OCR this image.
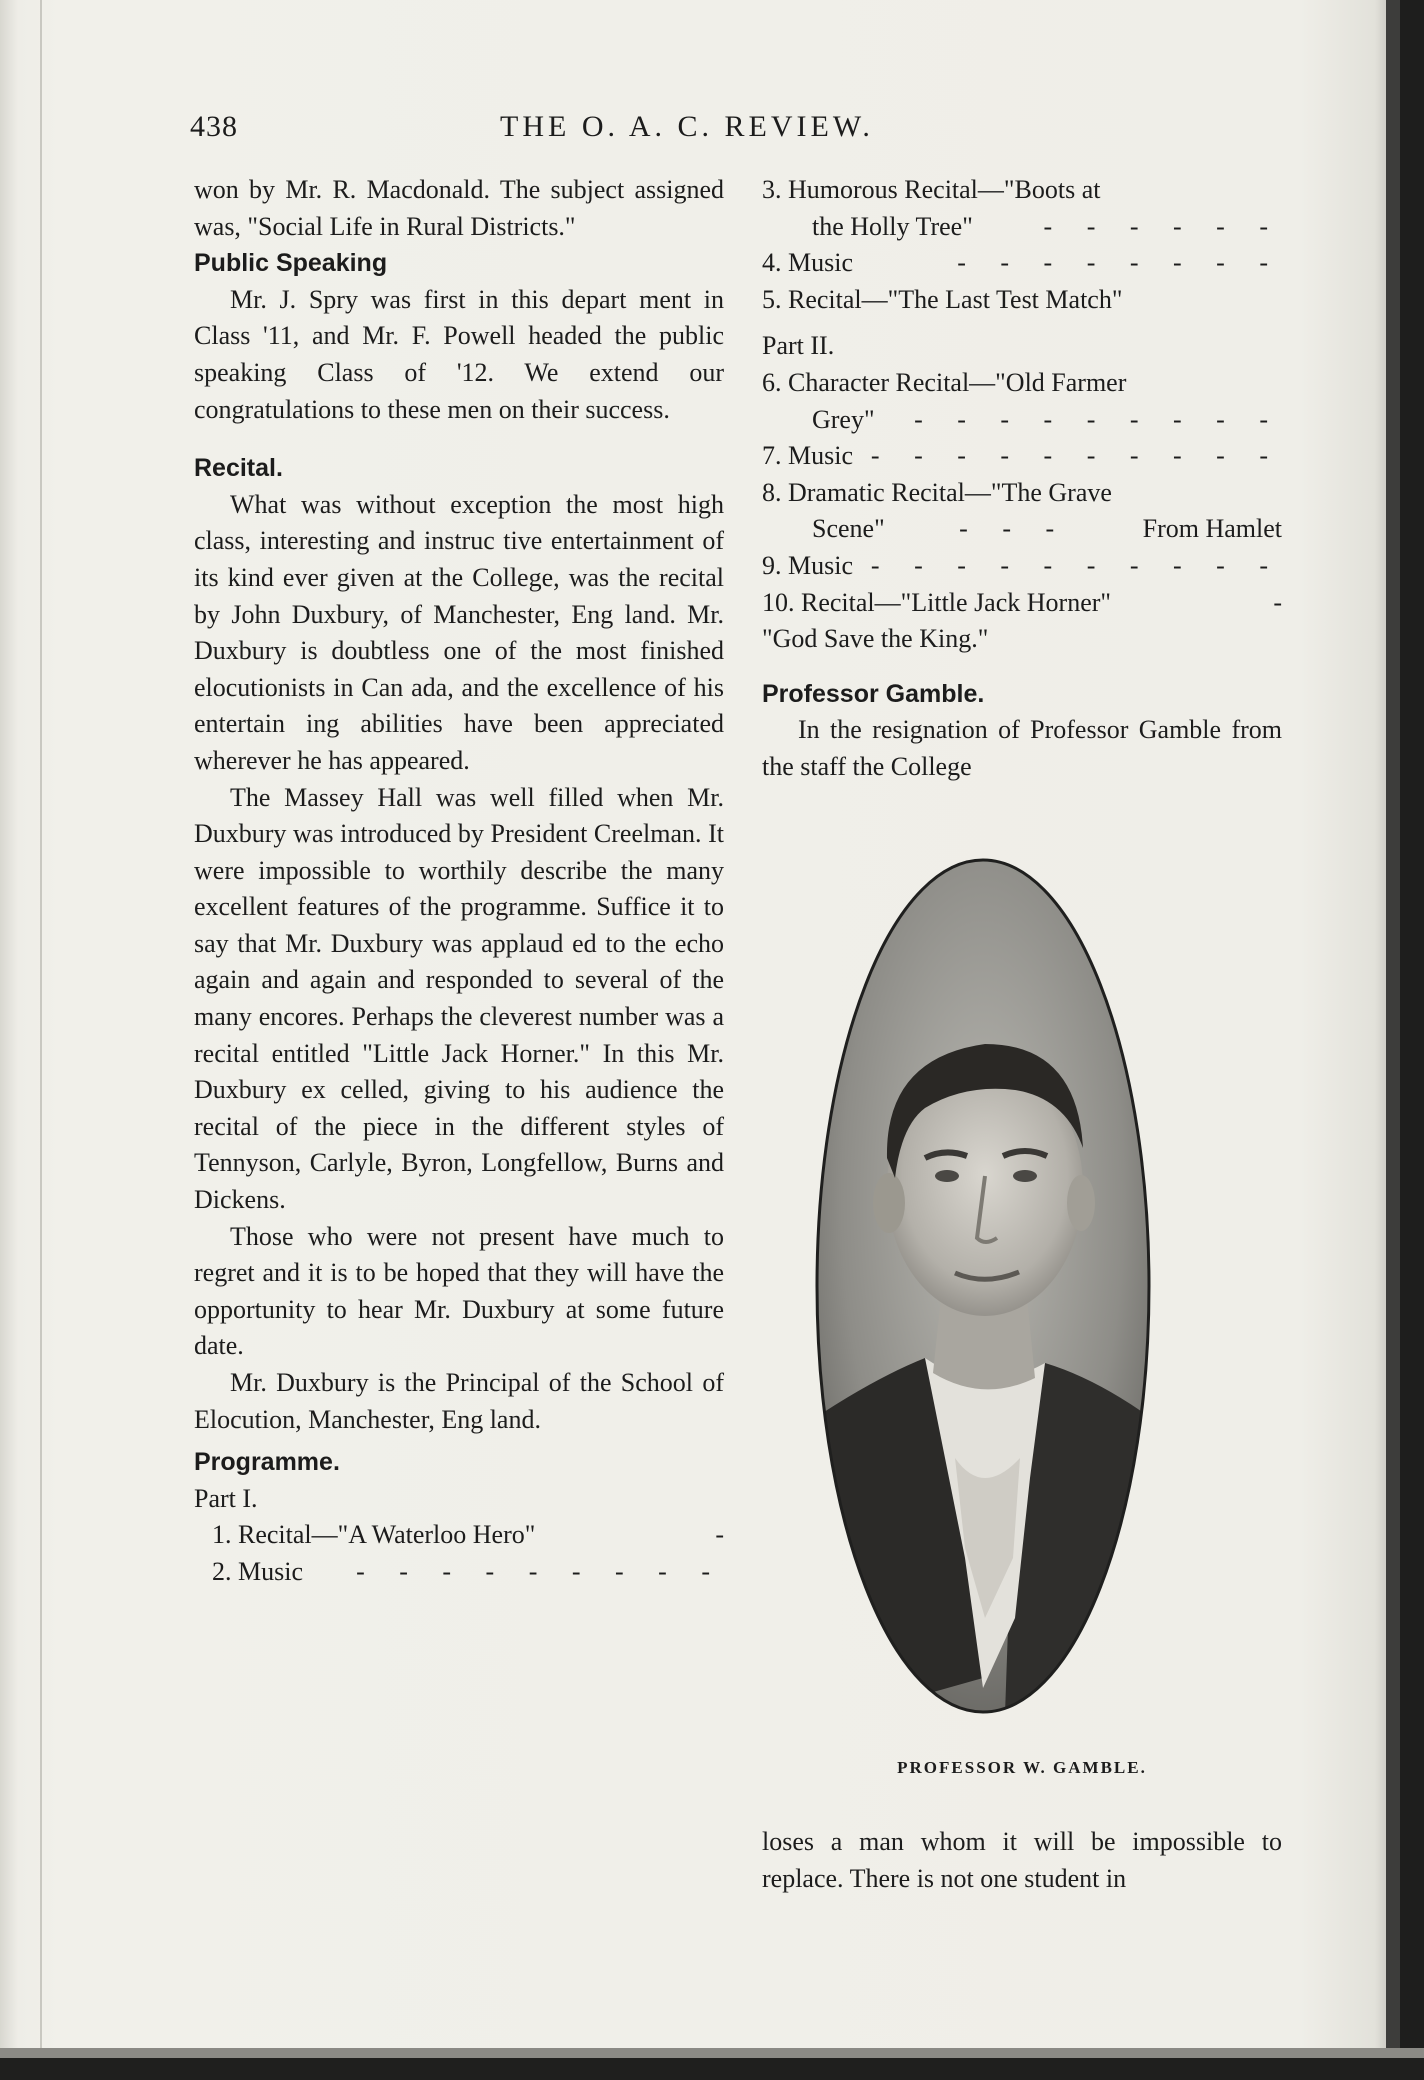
438	THE O. A. C. REVIEW.

won by Mr. R. Macdonald. The subject assigned was, "Social Life in Rural Districts."

Public Speaking

Mr. J. Spry was first in this depart ment in Class '11, and Mr. F. Powell headed the public speaking Class of '12. We extend our congratulations to these men on their success.

Recital.

What was without exception the most high class, interesting and instruc tive entertainment of its kind ever given at the College, was the recital by John Duxbury, of Manchester, Eng land. Mr. Duxbury is doubtless one of the most finished elocutionists in Can ada, and the excellence of his entertain ing abilities have been appreciated wherever he has appeared.

The Massey Hall was well filled when Mr. Duxbury was introduced by President Creelman. It were impossible to worthily describe the many excellent features of the programme. Suffice it to say that Mr. Duxbury was applaud ed to the echo again and again and responded to several of the many encores. Perhaps the cleverest number was a recital entitled "Little Jack Horner." In this Mr. Duxbury ex celled, giving to his audience the recital of the piece in the different styles of Tennyson, Carlyle, Byron, Longfellow, Burns and Dickens.

Those who were not present have much to regret and it is to be hoped that they will have the opportunity to hear Mr. Duxbury at some future date.

Mr. Duxbury is the Principal of the School of Elocution, Manchester, Eng land.

Programme.

Part I.

1. Recital—"A Waterloo Hero"	-

2. Music - - - - - - - - -

3. Humorous Recital—"Boots at

the Holly Tree"	- - - - - -

4. Music	- - - - - - - -

5. Recital—"The Last Test Match"

Part II.

6. Character Recital—"Old Farmer

Grey" - - - - - - - - -

7. Music - - - - - - - - - -

8. Dramatic Recital—"The Grave

Scene"	- - -	From Hamlet

9. Music - - - - - - - - - -

10. Recital—"Little Jack Horner"	-

"God Save the King."

Professor Gamble.

In the resignation of Professor Gamble from the staff the College

PROFESSOR W. GAMBLE.

loses a man whom it will be impossible to replace. There is not one student in
